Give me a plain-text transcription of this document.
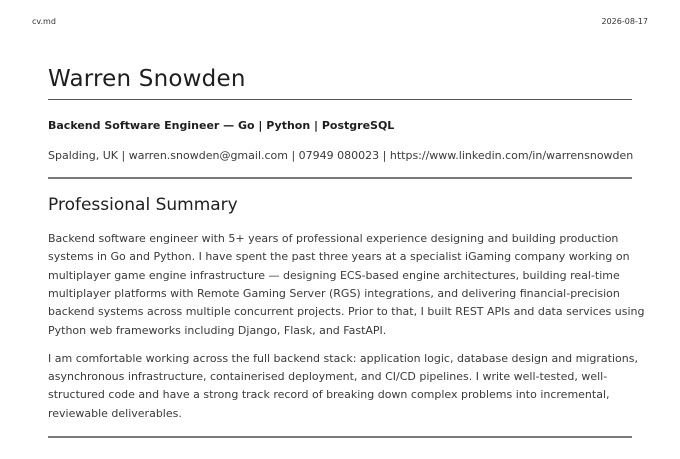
cv.md	2026-08-17
Warren Snowden
Backend Software Engineer — Go | Python | PostgreSQL
Spalding, UK | warren.snowden@gmail.com | 07949 080023 | https://www.linkedin.com/in/warrensnowden
Professional Summary

Backend software engineer with 5+ years of professional experience designing and building production
systems in Go and Python. I have spent the past three years at a specialist iGaming company working on
multiplayer game engine infrastructure — designing ECS-based engine architectures, building real-time
multiplayer platforms with Remote Gaming Server (RGS) integrations, and delivering financial-precision
backend systems across multiple concurrent projects. Prior to that, I built REST APIs and data services using
Python web frameworks including Django, Flask, and FastAPI.

I am comfortable working across the full backend stack: application logic, database design and migrations,
asynchronous infrastructure, containerised deployment, and CI/CD pipelines. I write well-tested, well-
structured code and have a strong track record of breaking down complex problems into incremental,
reviewable deliverables.
